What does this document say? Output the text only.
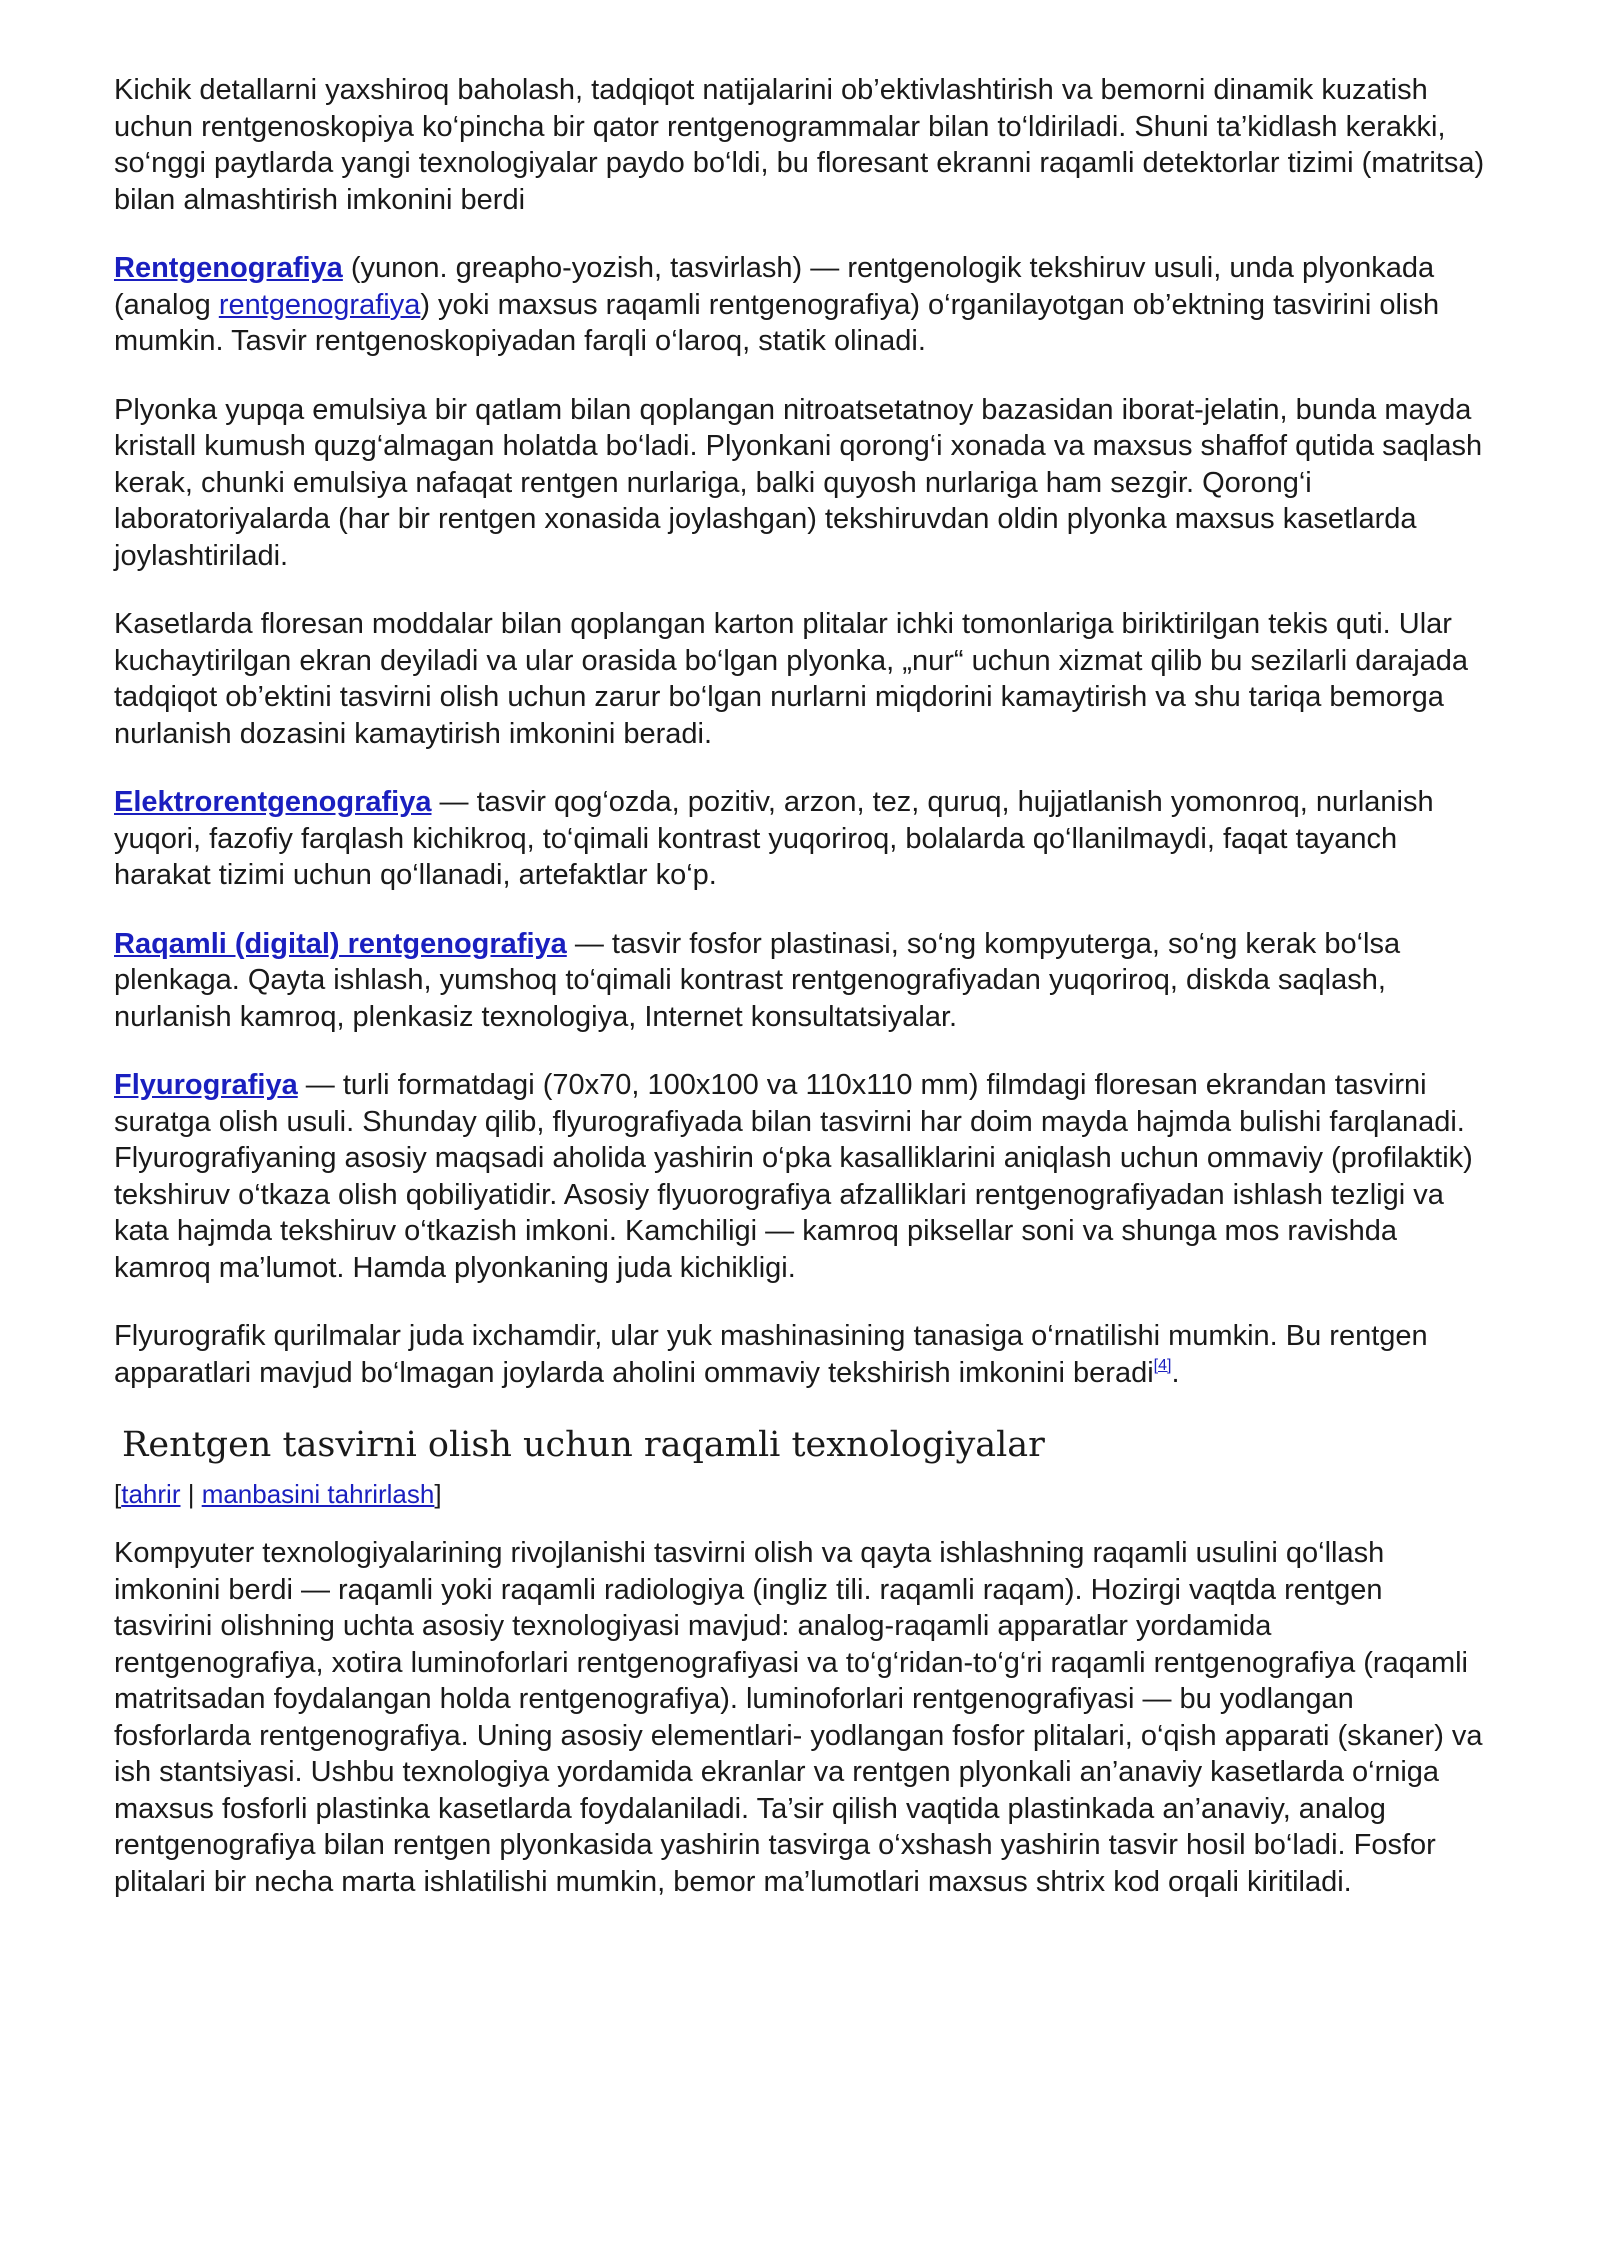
Kichik detallarni yaxshiroq baholash, tadqiqot natijalarini ob’ektivlashtirish va bemorni dinamik kuzatish uchun rentgenoskopiya ko‘pincha bir qator rentgenogrammalar bilan to‘ldiriladi. Shuni ta’kidlash kerakki, so‘nggi paytlarda yangi texnologiyalar paydo bo‘ldi, bu floresant ekranni raqamli detektorlar tizimi (matritsa) bilan almashtirish imkonini berdi

Rentgenografiya (yunon. greapho-yozish, tasvirlash) — rentgenologik tekshiruv usuli, unda plyonkada (analog rentgenografiya) yoki maxsus raqamli rentgenografiya) o‘rganilayotgan ob’ektning tasvirini olish mumkin. Tasvir rentgenoskopiyadan farqli o‘laroq, statik olinadi.

Plyonka yupqa emulsiya bir qatlam bilan qoplangan nitroatsetatnoy bazasidan iborat-jelatin, bunda mayda kristall kumush quzg‘almagan holatda bo‘ladi. Plyonkani qorong‘i xonada va maxsus shaffof qutida saqlash kerak, chunki emulsiya nafaqat rentgen nurlariga, balki quyosh nurlariga ham sezgir. Qorong‘i laboratoriyalarda (har bir rentgen xonasida joylashgan) tekshiruvdan oldin plyonka maxsus kasetlarda joylashtiriladi.

Kasetlarda floresan moddalar bilan qoplangan karton plitalar ichki tomonlariga biriktirilgan tekis quti. Ular kuchaytirilgan ekran deyiladi va ular orasida bo‘lgan plyonka, „nur“ uchun xizmat qilib bu sezilarli darajada tadqiqot ob’ektini tasvirni olish uchun zarur bo‘lgan nurlarni miqdorini kamaytirish va shu tariqa bemorga nurlanish dozasini kamaytirish imkonini beradi.

Elektrorentgenografiya — tasvir qog‘ozda, pozitiv, arzon, tez, quruq, hujjatlanish yomonroq, nurlanish yuqori, fazofiy farqlash kichikroq, to‘qimali kontrast yuqoriroq, bolalarda qo‘llanilmaydi, faqat tayanch harakat tizimi uchun qo‘llanadi, artefaktlar ko‘p.

Raqamli (digital) rentgenografiya — tasvir fosfor plastinasi, so‘ng kompyuterga, so‘ng kerak bo‘lsa plenkaga. Qayta ishlash, yumshoq to‘qimali kontrast rentgenografiyadan yuqoriroq, diskda saqlash, nurlanish kamroq, plenkasiz texnologiya, Internet konsultatsiyalar.

Flyurografiya — turli formatdagi (70x70, 100x100 va 110x110 mm) filmdagi floresan ekrandan tasvirni suratga olish usuli. Shunday qilib, flyurografiyada bilan tasvirni har doim mayda hajmda bulishi farqlanadi. Flyurografiyaning asosiy maqsadi aholida yashirin o‘pka kasalliklarini aniqlash uchun ommaviy (profilaktik) tekshiruv o‘tkaza olish qobiliyatidir. Asosiy flyuorografiya afzalliklari rentgenografiyadan ishlash tezligi va kata hajmda tekshiruv o‘tkazish imkoni. Kamchiligi — kamroq piksellar soni va shunga mos ravishda kamroq ma’lumot. Hamda plyonkaning juda kichikligi.

Flyurografik qurilmalar juda ixchamdir, ular yuk mashinasining tanasiga o‘rnatilishi mumkin. Bu rentgen apparatlari mavjud bo‘lmagan joylarda aholini ommaviy tekshirish imkonini beradi[4].

Rentgen tasvirni olish uchun raqamli texnologiyalar
[tahrir | manbasini tahrirlash]

Kompyuter texnologiyalarining rivojlanishi tasvirni olish va qayta ishlashning raqamli usulini qo‘llash imkonini berdi — raqamli yoki raqamli radiologiya (ingliz tili. raqamli raqam). Hozirgi vaqtda rentgen tasvirini olishning uchta asosiy texnologiyasi mavjud: analog-raqamli apparatlar yordamida rentgenografiya, xotira luminoforlari rentgenografiyasi va to‘g‘ridan-to‘g‘ri raqamli rentgenografiya (raqamli matritsadan foydalangan holda rentgenografiya). luminoforlari rentgenografiyasi — bu yodlangan fosforlarda rentgenografiya. Uning asosiy elementlari- yodlangan fosfor plitalari, o‘qish apparati (skaner) va ish stantsiyasi. Ushbu texnologiya yordamida ekranlar va rentgen plyonkali an’anaviy kasetlarda o‘rniga maxsus fosforli plastinka kasetlarda foydalaniladi. Ta’sir qilish vaqtida plastinkada an’anaviy, analog rentgenografiya bilan rentgen plyonkasida yashirin tasvirga o‘xshash yashirin tasvir hosil bo‘ladi. Fosfor plitalari bir necha marta ishlatilishi mumkin, bemor ma’lumotlari maxsus shtrix kod orqali kiritiladi.
